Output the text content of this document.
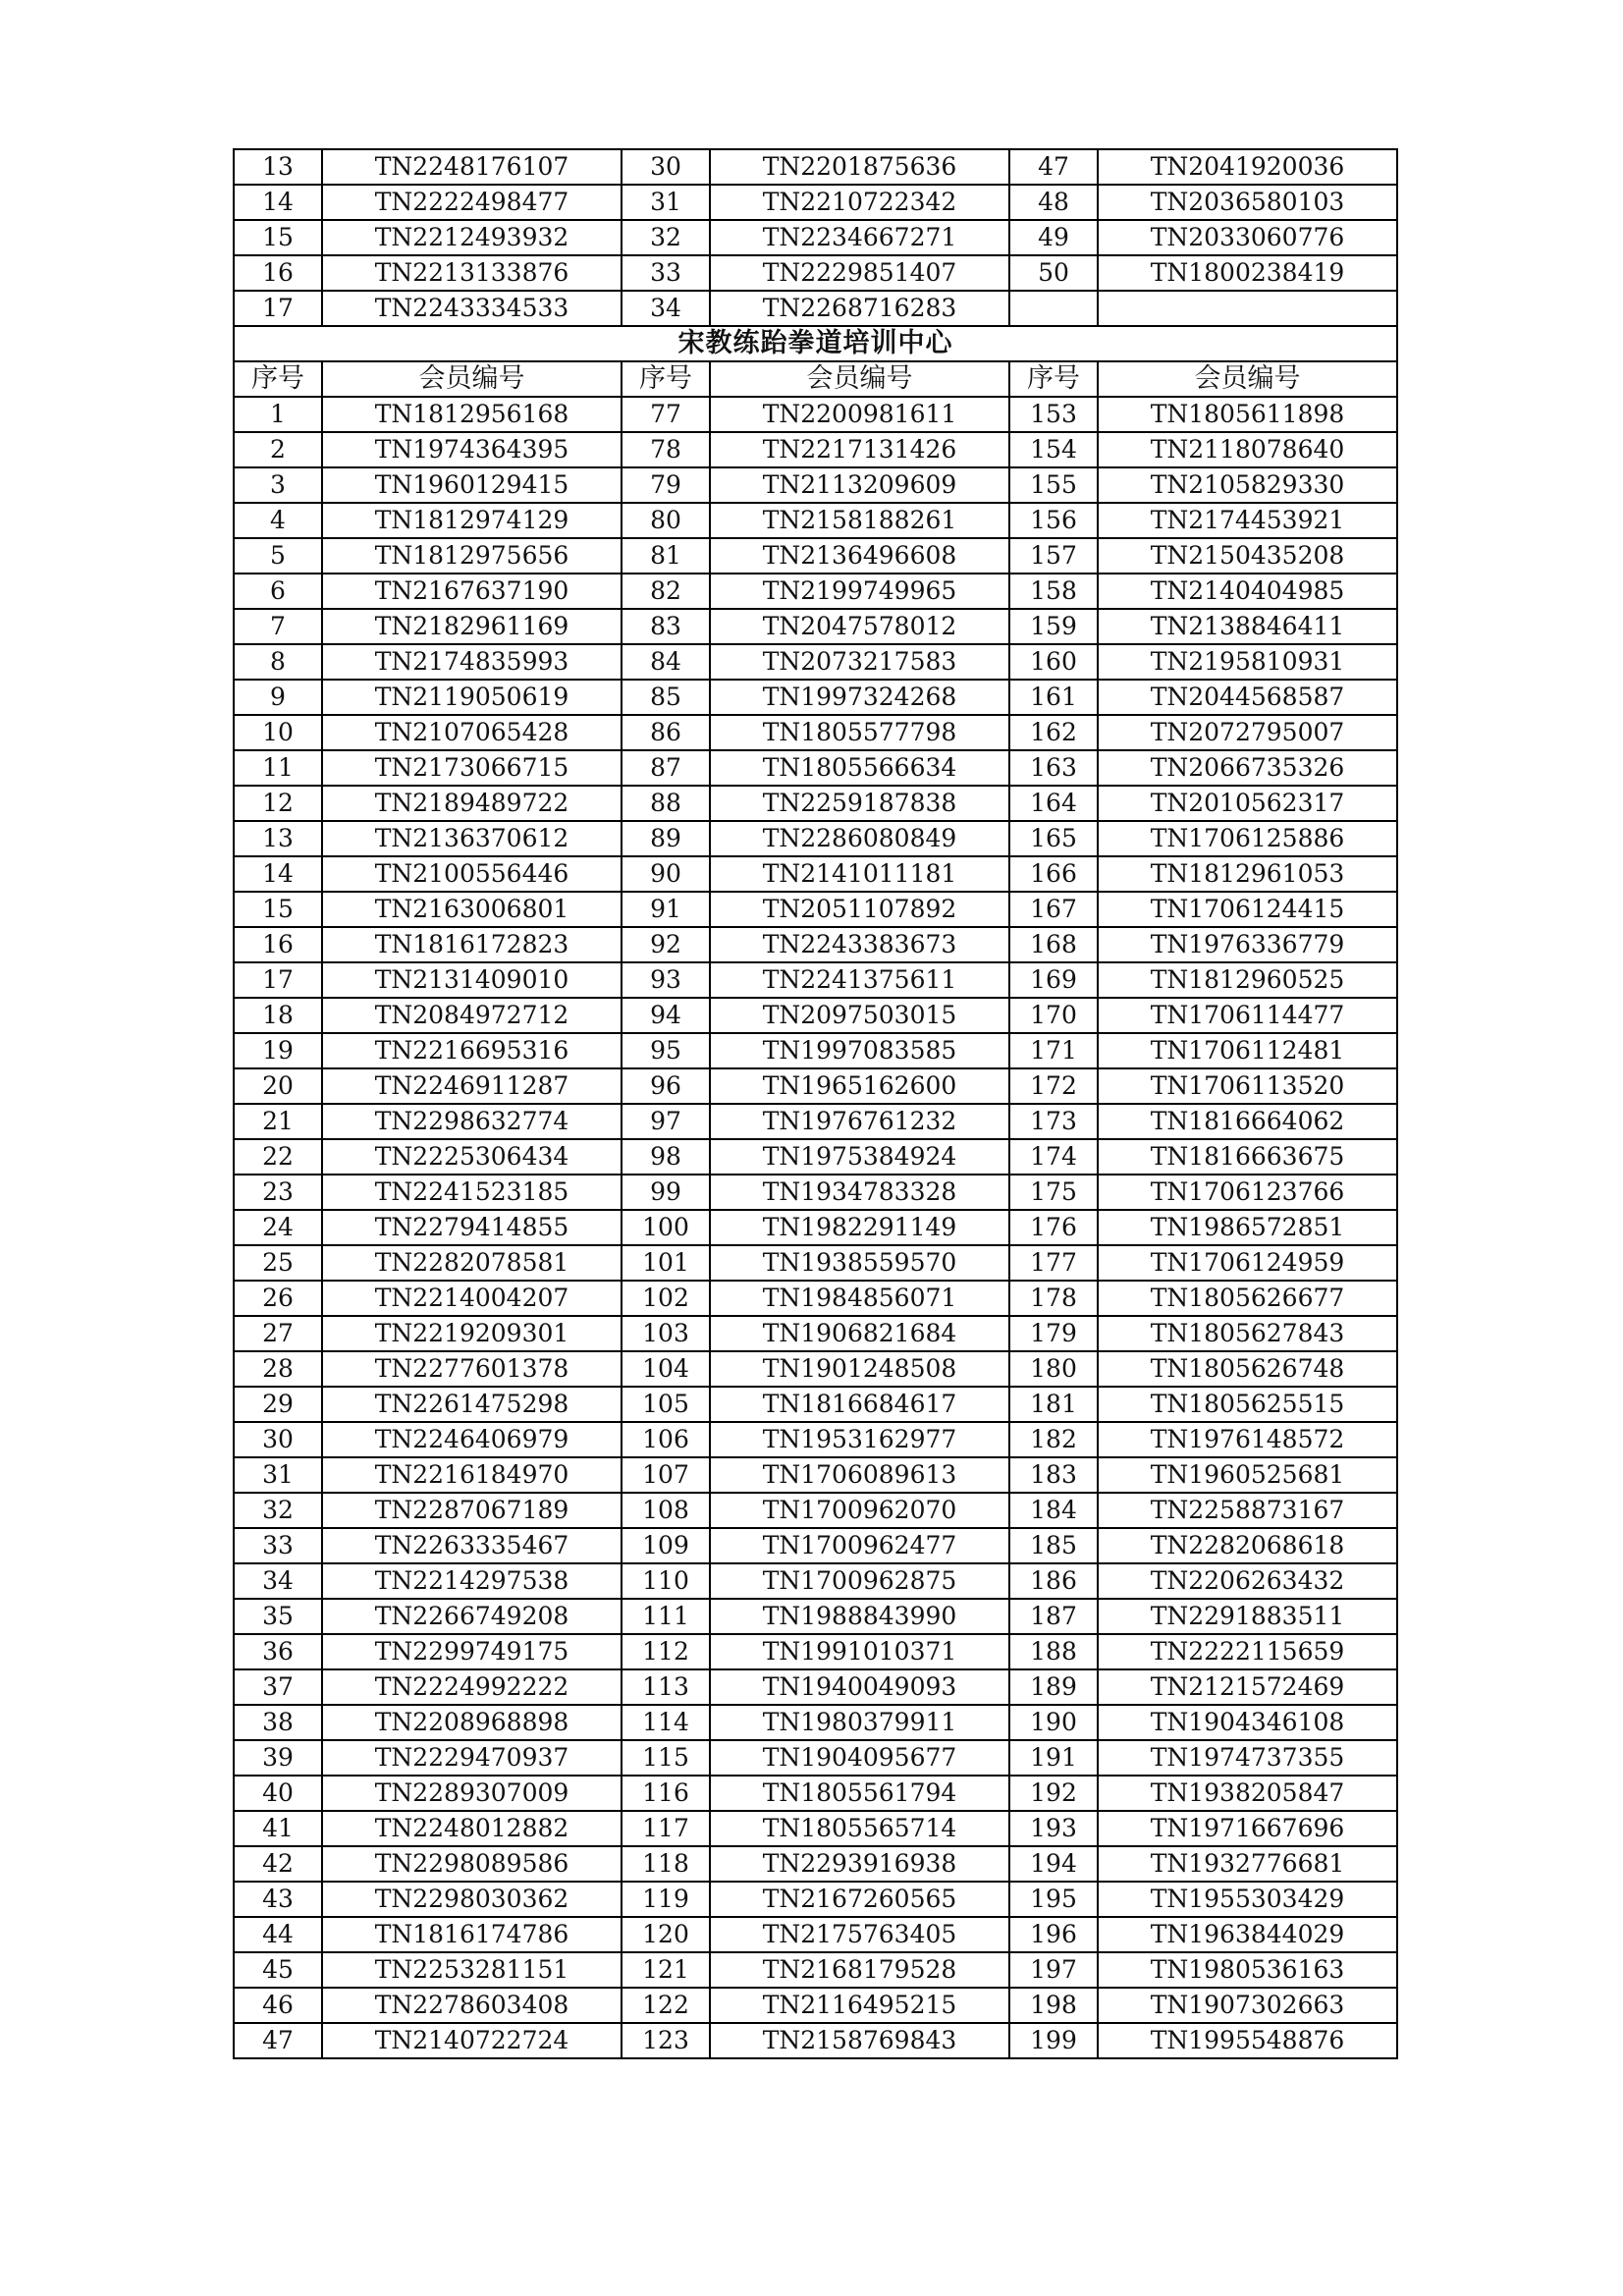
13	TN2248176107	30	TN2201875636	47	TN2041920036
14	TN2222498477	31	TN2210722342	48	TN2036580103
15	TN2212493932	32	TN2234667271	49	TN2033060776
16	TN2213133876	33	TN2229851407	50	TN1800238419
17	TN2243334533	34	TN2268716283		
宋教练跆拳道培训中心					
序号	会员编号	序号	会员编号	序号	会员编号
1	TN1812956168	77	TN2200981611	153	TN1805611898
2	TN1974364395	78	TN2217131426	154	TN2118078640
3	TN1960129415	79	TN2113209609	155	TN2105829330
4	TN1812974129	80	TN2158188261	156	TN2174453921
5	TN1812975656	81	TN2136496608	157	TN2150435208
6	TN2167637190	82	TN2199749965	158	TN2140404985
7	TN2182961169	83	TN2047578012	159	TN2138846411
8	TN2174835993	84	TN2073217583	160	TN2195810931
9	TN2119050619	85	TN1997324268	161	TN2044568587
10	TN2107065428	86	TN1805577798	162	TN2072795007
11	TN2173066715	87	TN1805566634	163	TN2066735326
12	TN2189489722	88	TN2259187838	164	TN2010562317
13	TN2136370612	89	TN2286080849	165	TN1706125886
14	TN2100556446	90	TN2141011181	166	TN1812961053
15	TN2163006801	91	TN2051107892	167	TN1706124415
16	TN1816172823	92	TN2243383673	168	TN1976336779
17	TN2131409010	93	TN2241375611	169	TN1812960525
18	TN2084972712	94	TN2097503015	170	TN1706114477
19	TN2216695316	95	TN1997083585	171	TN1706112481
20	TN2246911287	96	TN1965162600	172	TN1706113520
21	TN2298632774	97	TN1976761232	173	TN1816664062
22	TN2225306434	98	TN1975384924	174	TN1816663675
23	TN2241523185	99	TN1934783328	175	TN1706123766
24	TN2279414855	100	TN1982291149	176	TN1986572851
25	TN2282078581	101	TN1938559570	177	TN1706124959
26	TN2214004207	102	TN1984856071	178	TN1805626677
27	TN2219209301	103	TN1906821684	179	TN1805627843
28	TN2277601378	104	TN1901248508	180	TN1805626748
29	TN2261475298	105	TN1816684617	181	TN1805625515
30	TN2246406979	106	TN1953162977	182	TN1976148572
31	TN2216184970	107	TN1706089613	183	TN1960525681
32	TN2287067189	108	TN1700962070	184	TN2258873167
33	TN2263335467	109	TN1700962477	185	TN2282068618
34	TN2214297538	110	TN1700962875	186	TN2206263432
35	TN2266749208	111	TN1988843990	187	TN2291883511
36	TN2299749175	112	TN1991010371	188	TN2222115659
37	TN2224992222	113	TN1940049093	189	TN2121572469
38	TN2208968898	114	TN1980379911	190	TN1904346108
39	TN2229470937	115	TN1904095677	191	TN1974737355
40	TN2289307009	116	TN1805561794	192	TN1938205847
41	TN2248012882	117	TN1805565714	193	TN1971667696
42	TN2298089586	118	TN2293916938	194	TN1932776681
43	TN2298030362	119	TN2167260565	195	TN1955303429
44	TN1816174786	120	TN2175763405	196	TN1963844029
45	TN2253281151	121	TN2168179528	197	TN1980536163
46	TN2278603408	122	TN2116495215	198	TN1907302663
47	TN2140722724	123	TN2158769843	199	TN1995548876
